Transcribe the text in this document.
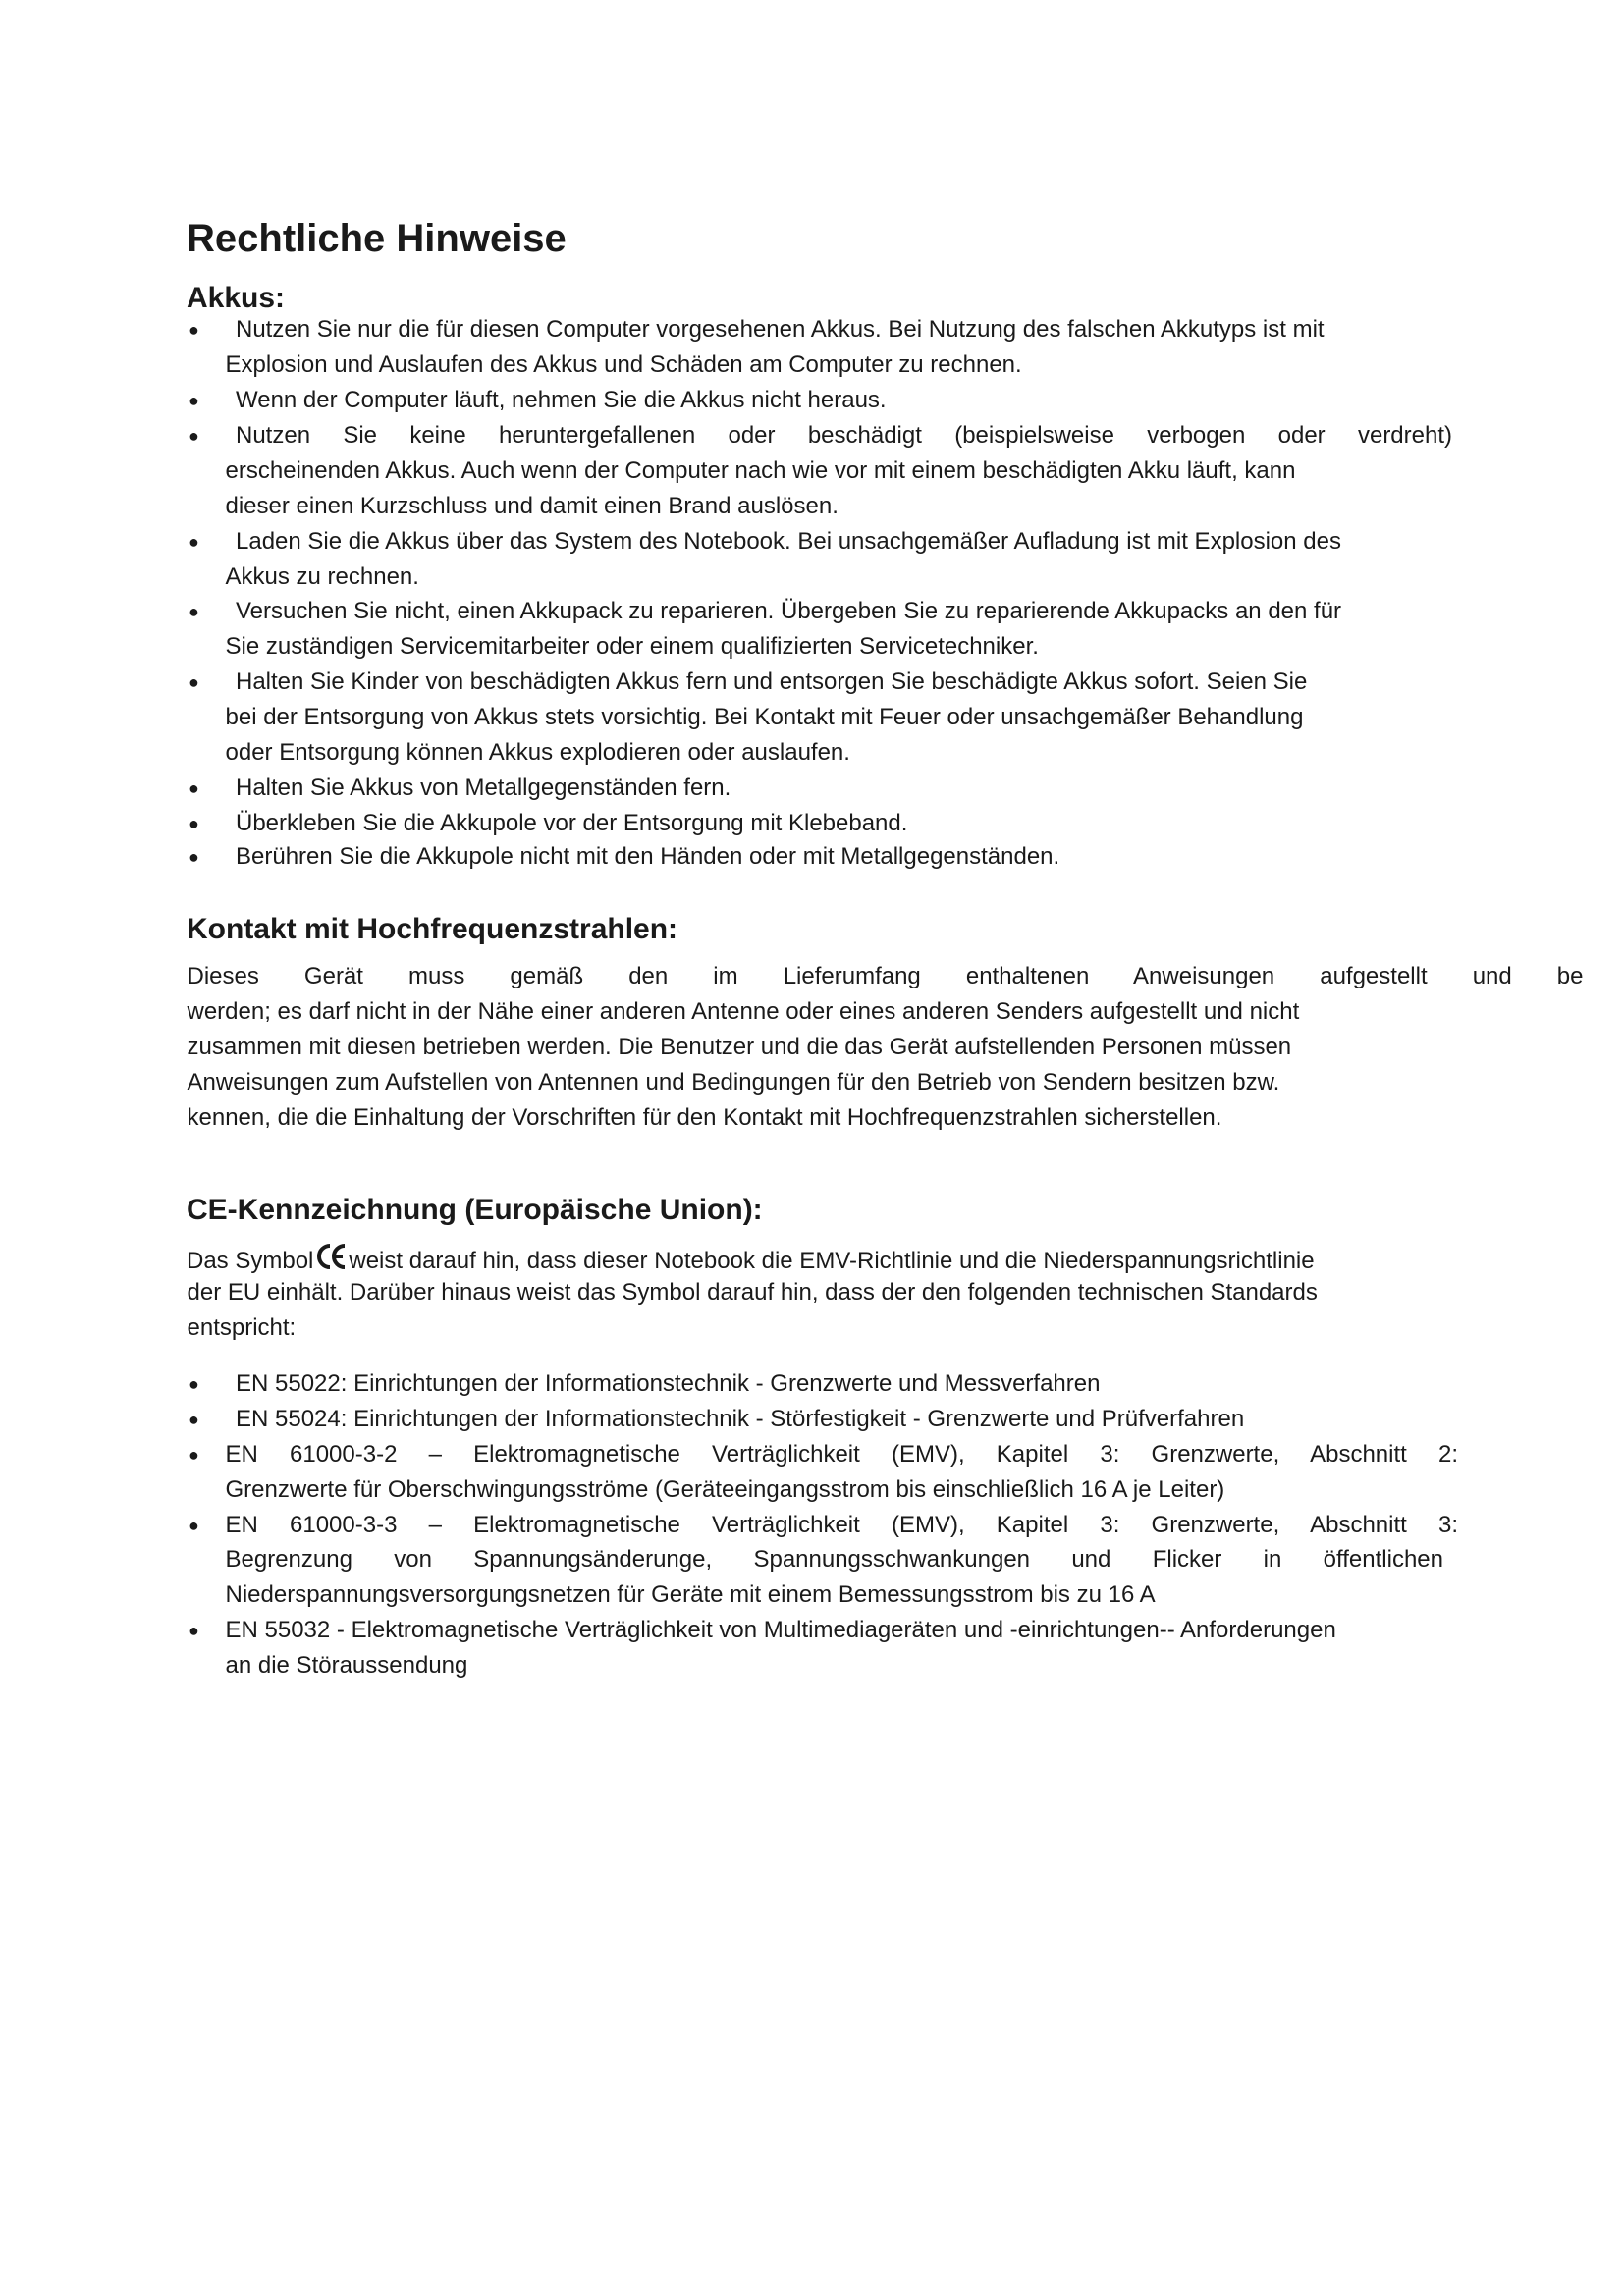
Rechtliche Hinweise
Akkus:
Kontakt mit Hochfrequenzstrahlen:
CE-Kennzeichnung (Europäische Union):
Das Symbol weist darauf hin, dass dieser Notebook die EMV-Richtlinie und die Niederspannungsrichtlinie
● Nutzen Sie nur die für diesen Computer vorgesehenen Akkus. Bei Nutzung des falschen Akkutyps ist mit
Explosion und Auslaufen des Akkus und Schäden am Computer zu rechnen.
● Wenn der Computer läuft, nehmen Sie die Akkus nicht heraus.
● Nutzen Sie keine heruntergefallenen oder beschädigt (beispielsweise verbogen oder verdreht)
erscheinenden Akkus. Auch wenn der Computer nach wie vor mit einem beschädigten Akku läuft, kann
dieser einen Kurzschluss und damit einen Brand auslösen.
● Laden Sie die Akkus über das System des Notebook. Bei unsachgemäßer Aufladung ist mit Explosion des
Akkus zu rechnen.
● Versuchen Sie nicht, einen Akkupack zu reparieren. Übergeben Sie zu reparierende Akkupacks an den für
Sie zuständigen Servicemitarbeiter oder einem qualifizierten Servicetechniker.
● Halten Sie Kinder von beschädigten Akkus fern und entsorgen Sie beschädigte Akkus sofort. Seien Sie
bei der Entsorgung von Akkus stets vorsichtig. Bei Kontakt mit Feuer oder unsachgemäßer Behandlung
oder Entsorgung können Akkus explodieren oder auslaufen.
● Halten Sie Akkus von Metallgegenständen fern.
● Überkleben Sie die Akkupole vor der Entsorgung mit Klebeband.
● Berühren Sie die Akkupole nicht mit den Händen oder mit Metallgegenständen.
Dieses Gerät muss gemäß den im Lieferumfang enthaltenen Anweisungen aufgestellt und be
werden; es darf nicht in der Nähe einer anderen Antenne oder eines anderen Senders aufgestellt und nicht
zusammen mit diesen betrieben werden. Die Benutzer und die das Gerät aufstellenden Personen müssen
Anweisungen zum Aufstellen von Antennen und Bedingungen für den Betrieb von Sendern besitzen bzw.
kennen, die die Einhaltung der Vorschriften für den Kontakt mit Hochfrequenzstrahlen sicherstellen.
der EU einhält. Darüber hinaus weist das Symbol darauf hin, dass der den folgenden technischen Standards
entspricht:
● EN 55022: Einrichtungen der Informationstechnik - Grenzwerte und Messverfahren
● EN 55024: Einrichtungen der Informationstechnik - Störfestigkeit - Grenzwerte und Prüfverfahren
● EN 61000-3-2 – Elektromagnetische Verträglichkeit (EMV), Kapitel 3: Grenzwerte, Abschnitt 2:
Grenzwerte für Oberschwingungsströme (Geräteeingangsstrom bis einschließlich 16 A je Leiter)
● EN 61000-3-3 – Elektromagnetische Verträglichkeit (EMV), Kapitel 3: Grenzwerte, Abschnitt 3:
Begrenzung von Spannungsänderunge, Spannungsschwankungen und Flicker in öffentlichen
Niederspannungsversorgungsnetzen für Geräte mit einem Bemessungsstrom bis zu 16 A
● EN 55032 - Elektromagnetische Verträglichkeit von Multimediageräten und -einrichtungen-- Anforderungen
an die Störaussendung
